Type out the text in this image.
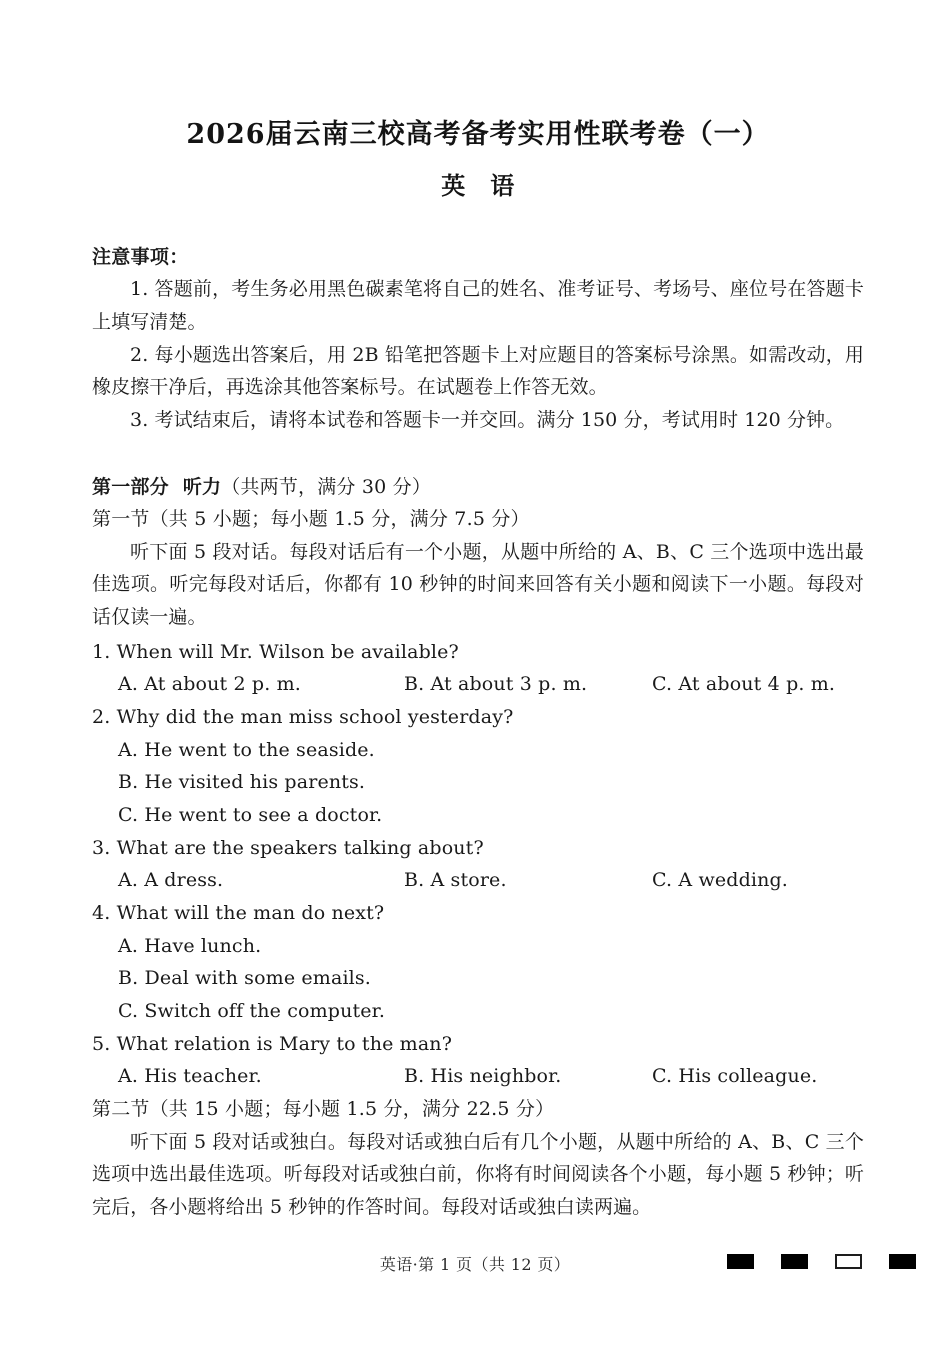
2026届云南三校高考备考实用性联考卷（一）
英　语

注意事项：

1. 答题前，考生务必用黑色碳素笔将自己的姓名、准考证号、考场号、座位号在答题卡上填写清楚。

2. 每小题选出答案后，用 2B 铅笔把答题卡上对应题目的答案标号涂黑。如需改动，用橡皮擦干净后，再选涂其他答案标号。在试题卷上作答无效。

3. 考试结束后，请将本试卷和答题卡一并交回。满分 150 分，考试用时 120 分钟。

第一部分 听力（共两节，满分 30 分）

第一节（共 5 小题；每小题 1.5 分，满分 7.5 分）

听下面 5 段对话。每段对话后有一个小题，从题中所给的 A、B、C 三个选项中选出最佳选项。听完每段对话后，你都有 10 秒钟的时间来回答有关小题和阅读下一小题。每段对话仅读一遍。

1. When will Mr. Wilson be available?

A. At about 2 p. m.	B. At about 3 p. m.	C. At about 4 p. m.

2. Why did the man miss school yesterday?

A. He went to the seaside.

B. He visited his parents.

C. He went to see a doctor.

3. What are the speakers talking about?

A. A dress.	B. A store.	C. A wedding.

4. What will the man do next?

A. Have lunch.

B. Deal with some emails.

C. Switch off the computer.

5. What relation is Mary to the man?

A. His teacher.	B. His neighbor.	C. His colleague.

第二节（共 15 小题；每小题 1.5 分，满分 22.5 分）

听下面 5 段对话或独白。每段对话或独白后有几个小题，从题中所给的 A、B、C 三个选项中选出最佳选项。听每段对话或独白前，你将有时间阅读各个小题，每小题 5 秒钟；听完后，各小题将给出 5 秒钟的作答时间。每段对话或独白读两遍。

英语·第 1 页（共 12 页）
